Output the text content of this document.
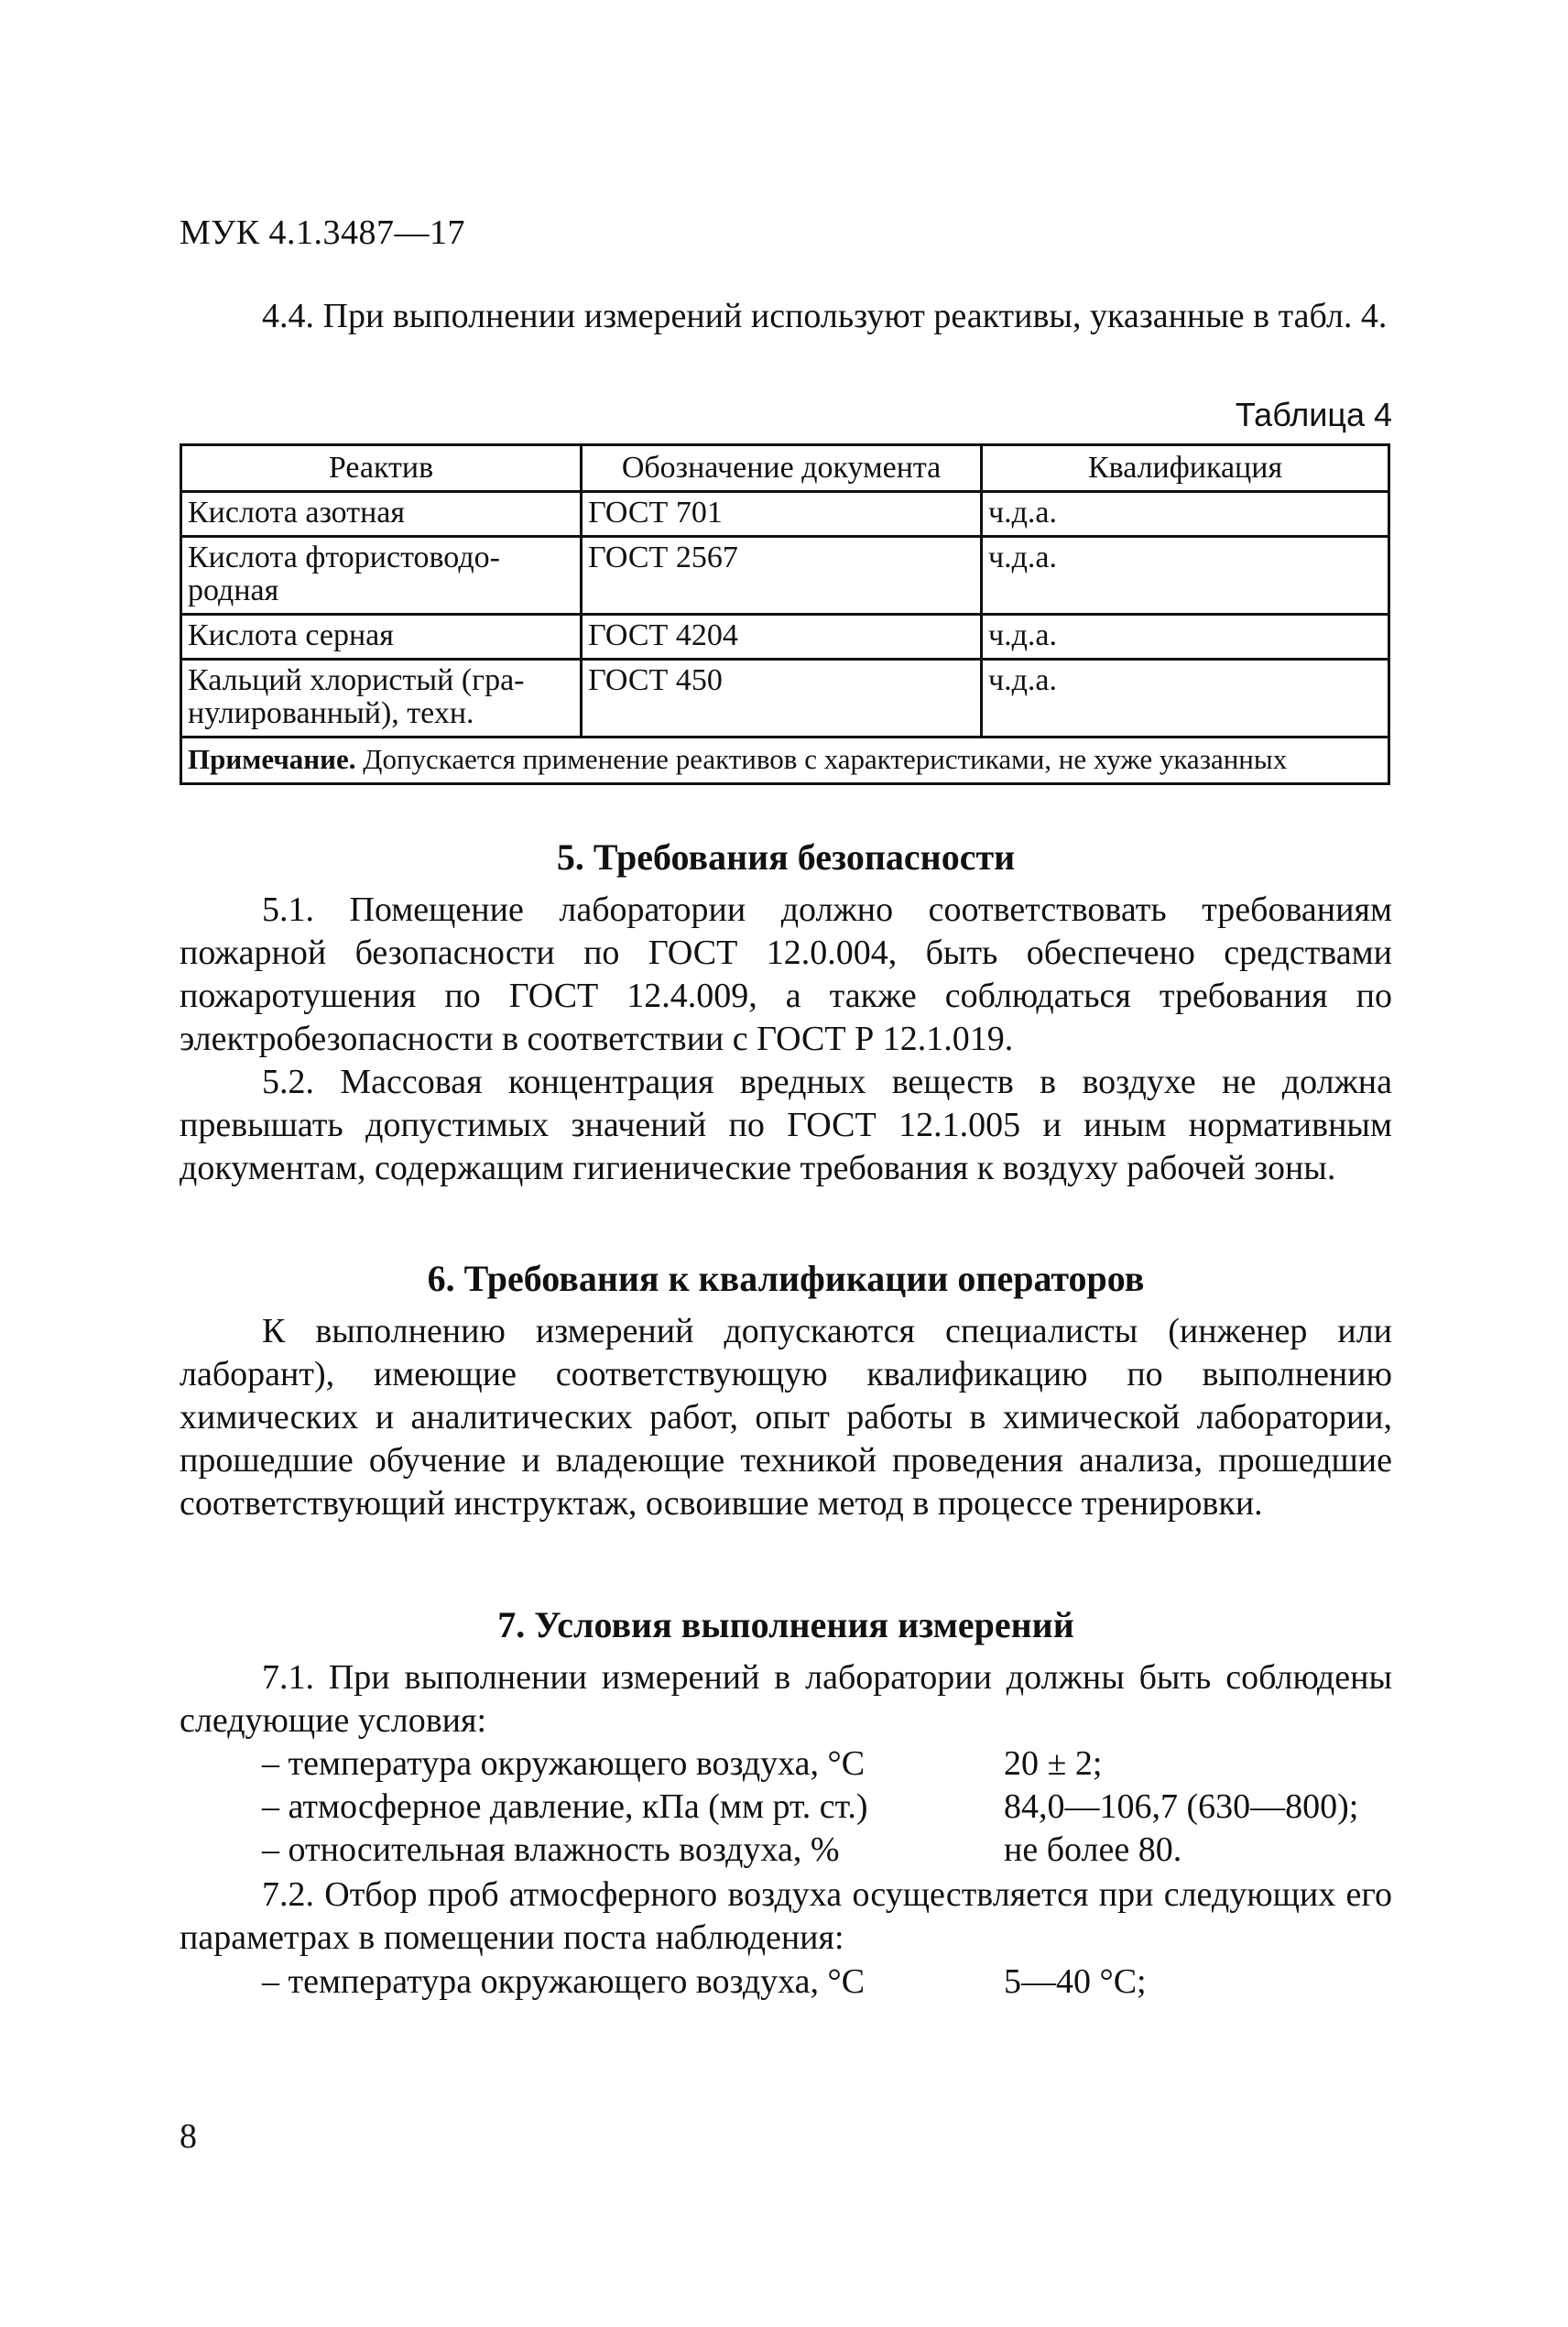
МУК 4.1.3487—17

4.4. При выполнении измерений используют реактивы, указанные в табл. 4.

Таблица 4
Реактив	Обозначение документа	Квалификация
Кислота азотная	ГОСТ 701	ч.д.а.
Кислота фтористоводо-родная	ГОСТ 2567	ч.д.а.
Кислота серная	ГОСТ 4204	ч.д.а.
Кальций хлористый (гра-нулированный), техн.	ГОСТ 450	ч.д.а.
Примечание. Допускается применение реактивов с характеристиками, не хуже указанных		
5. Требования безопасности

5.1. Помещение лаборатории должно соответствовать требованиям пожарной безопасности по ГОСТ 12.0.004, быть обеспечено средствами пожаротушения по ГОСТ 12.4.009, а также соблюдаться требования по электробезопасности в соответствии с ГОСТ Р 12.1.019.

5.2. Массовая концентрация вредных веществ в воздухе не должна превышать допустимых значений по ГОСТ 12.1.005 и иным нормативным документам, содержащим гигиенические требования к воздуху рабочей зоны.

6. Требования к квалификации операторов

К выполнению измерений допускаются специалисты (инженер или лаборант), имеющие соответствующую квалификацию по выполнению химических и аналитических работ, опыт работы в химической лаборатории, прошедшие обучение и владеющие техникой проведения анализа, прошедшие соответствующий инструктаж, освоившие метод в процессе тренировки.

7. Условия выполнения измерений

7.1. При выполнении измерений в лаборатории должны быть соблюдены следующие условия:

– температура окружающего воздуха, °С	20 ± 2;
– атмосферное давление, кПа (мм рт. ст.)	84,0—106,7 (630—800);
– относительная влажность воздуха, %	не более 80.

7.2. Отбор проб атмосферного воздуха осуществляется при следующих его параметрах в помещении поста наблюдения:

– температура окружающего воздуха, °С	5—40 °С;
8
